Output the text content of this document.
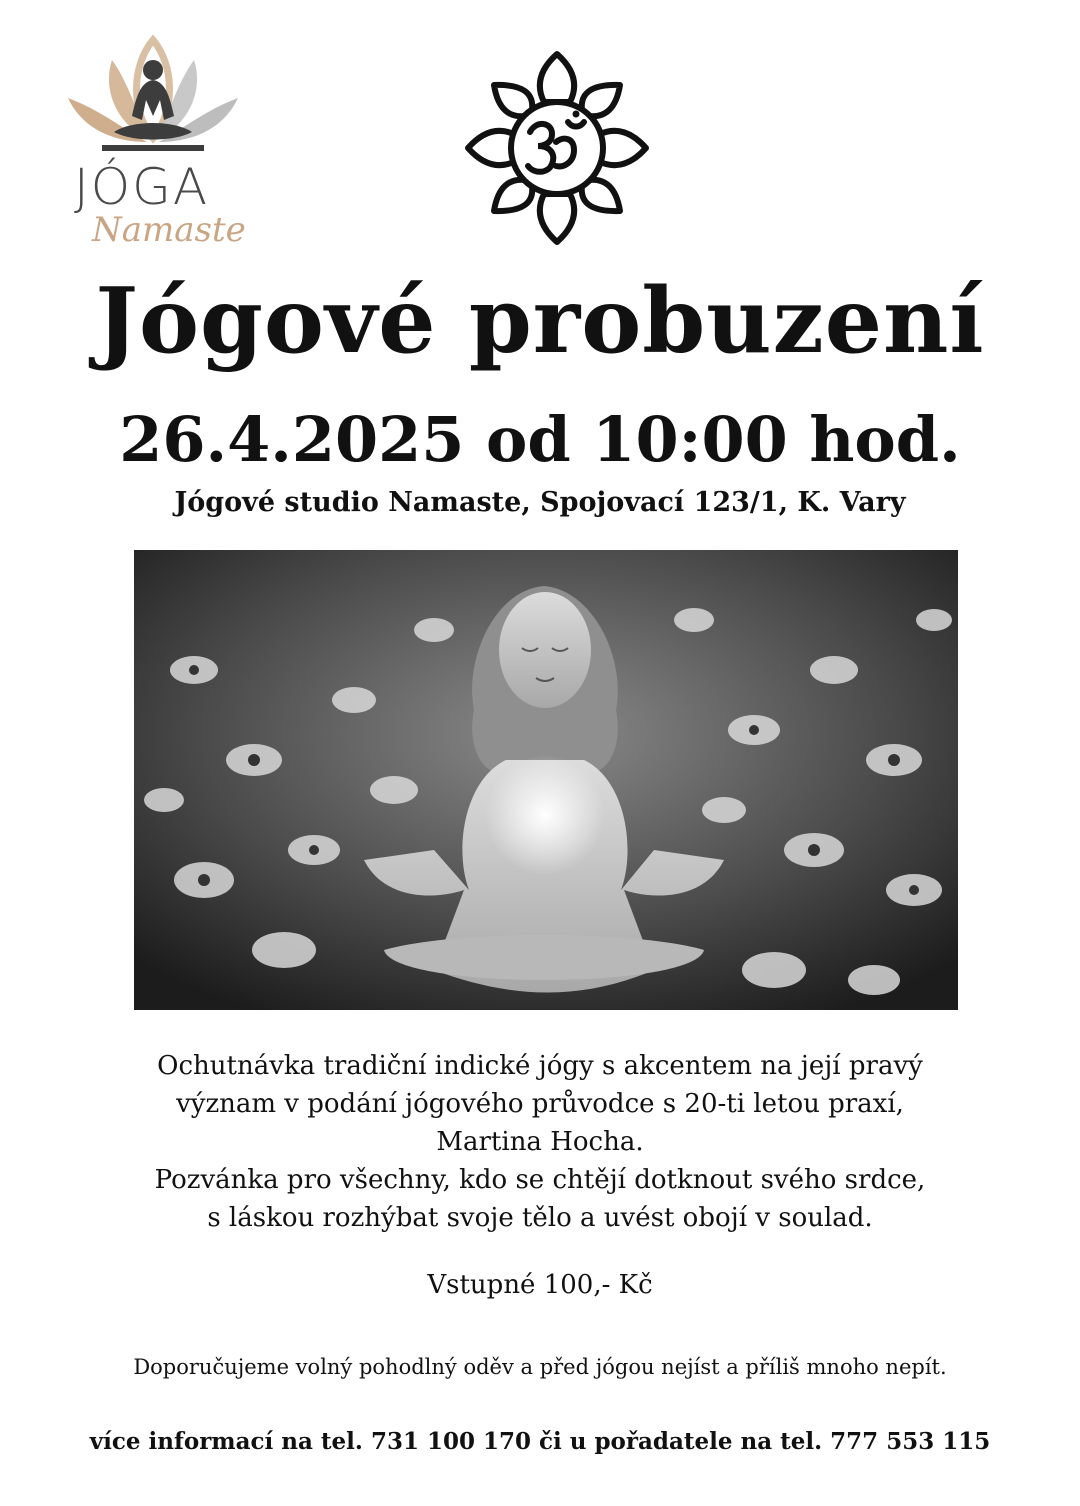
JÓGA
Namaste
Jógové probuzení
26.4.2025 od 10:00 hod.
Jógové studio Namaste, Spojovací 123/1, K. Vary
Ochutnávka tradiční indické jógy s akcentem na její pravý
význam v podání jógového průvodce s 20-ti letou praxí,
Martina Hocha.
Pozvánka pro všechny, kdo se chtějí dotknout svého srdce,
s láskou rozhýbat svoje tělo a uvést obojí v soulad.
Vstupné 100,- Kč
Doporučujeme volný pohodlný oděv a před jógou nejíst a příliš mnoho nepít.
více informací na tel. 731 100 170 či u pořadatele na tel. 777 553 115
